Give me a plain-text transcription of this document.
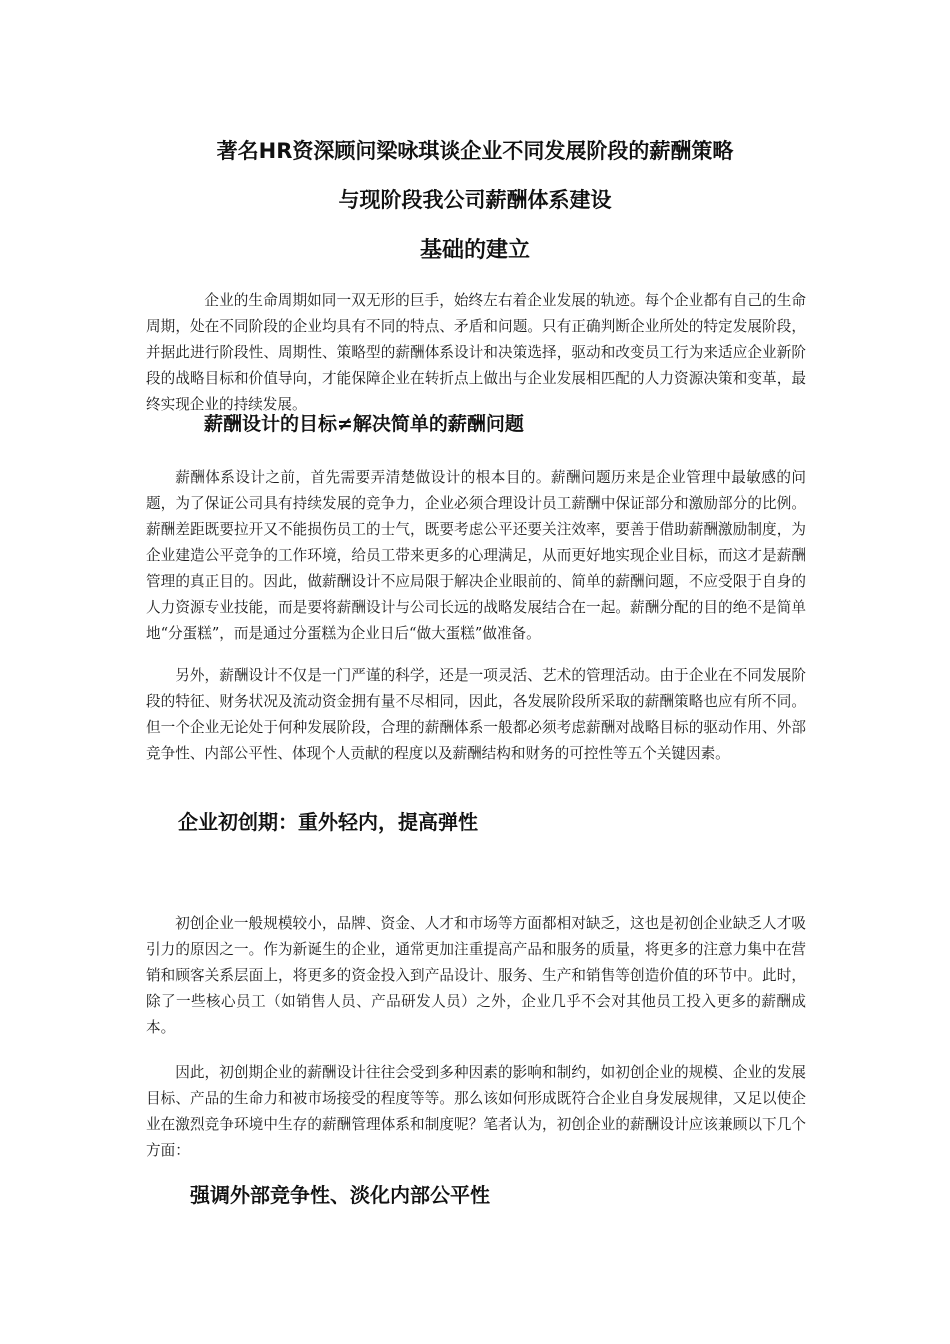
著名HR资深顾问梁咏琪谈企业不同发展阶段的薪酬策略
与现阶段我公司薪酬体系建设
基础的建立

企业的生命周期如同一双无形的巨手，始终左右着企业发展的轨迹。每个企业都有自己的生命周期，处在不同阶段的企业均具有不同的特点、矛盾和问题。只有正确判断企业所处的特定发展阶段，并据此进行阶段性、周期性、策略型的薪酬体系设计和决策选择，驱动和改变员工行为来适应企业新阶段的战略目标和价值导向，才能保障企业在转折点上做出与企业发展相匹配的人力资源决策和变革，最终实现企业的持续发展。

薪酬设计的目标≠解决简单的薪酬问题

薪酬体系设计之前，首先需要弄清楚做设计的根本目的。薪酬问题历来是企业管理中最敏感的问题，为了保证公司具有持续发展的竞争力，企业必须合理设计员工薪酬中保证部分和激励部分的比例。薪酬差距既要拉开又不能损伤员工的士气，既要考虑公平还要关注效率，要善于借助薪酬激励制度，为企业建造公平竞争的工作环境，给员工带来更多的心理满足，从而更好地实现企业目标，而这才是薪酬管理的真正目的。因此，做薪酬设计不应局限于解决企业眼前的、简单的薪酬问题，不应受限于自身的人力资源专业技能，而是要将薪酬设计与公司长远的战略发展结合在一起。薪酬分配的目的绝不是简单地“分蛋糕”，而是通过分蛋糕为企业日后“做大蛋糕”做准备。

另外，薪酬设计不仅是一门严谨的科学，还是一项灵活、艺术的管理活动。由于企业在不同发展阶段的特征、财务状况及流动资金拥有量不尽相同，因此，各发展阶段所采取的薪酬策略也应有所不同。但一个企业无论处于何种发展阶段，合理的薪酬体系一般都必须考虑薪酬对战略目标的驱动作用、外部竞争性、内部公平性、体现个人贡献的程度以及薪酬结构和财务的可控性等五个关键因素。

企业初创期：重外轻内，提高弹性

初创企业一般规模较小，品牌、资金、人才和市场等方面都相对缺乏，这也是初创企业缺乏人才吸引力的原因之一。作为新诞生的企业，通常更加注重提高产品和服务的质量，将更多的注意力集中在营销和顾客关系层面上，将更多的资金投入到产品设计、服务、生产和销售等创造价值的环节中。此时，除了一些核心员工（如销售人员、产品研发人员）之外，企业几乎不会对其他员工投入更多的薪酬成本。

因此，初创期企业的薪酬设计往往会受到多种因素的影响和制约，如初创企业的规模、企业的发展目标、产品的生命力和被市场接受的程度等等。那么该如何形成既符合企业自身发展规律，又足以使企业在激烈竞争环境中生存的薪酬管理体系和制度呢？笔者认为，初创企业的薪酬设计应该兼顾以下几个方面：

强调外部竞争性、淡化内部公平性
